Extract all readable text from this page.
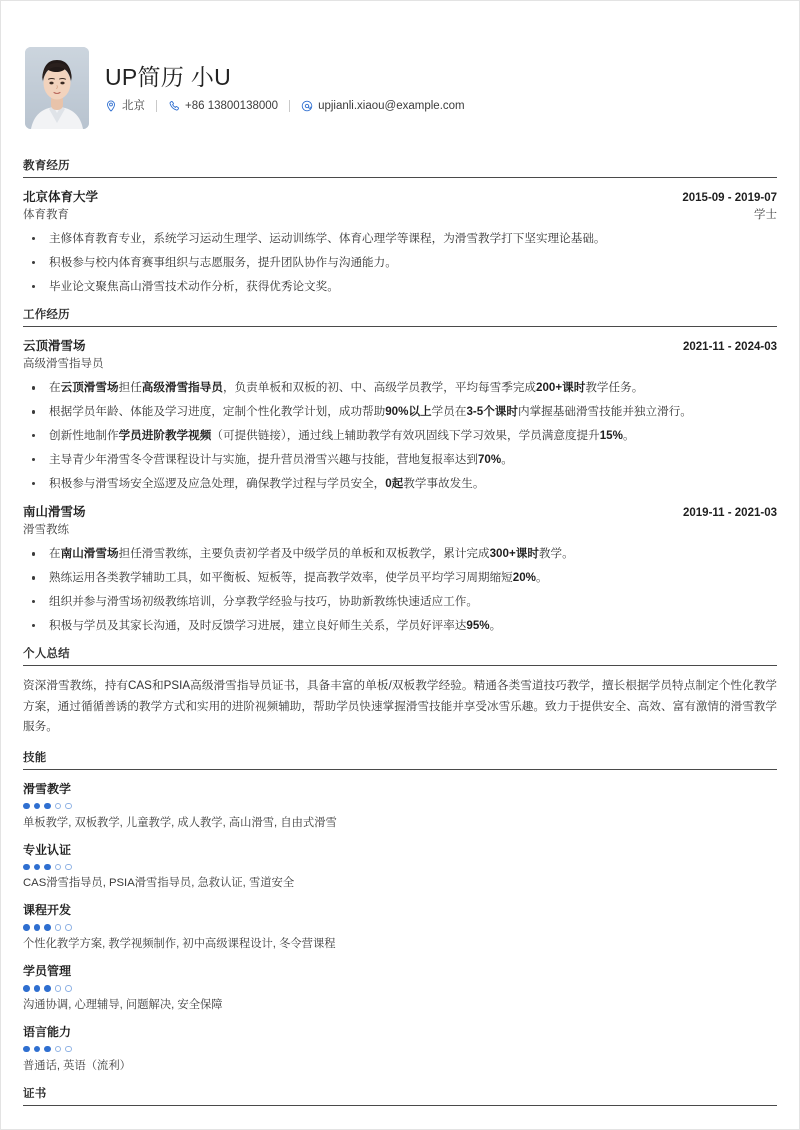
UP简历 小U
北京	+86 13800138000	upjianli.xiaou@example.com
教育经历
北京体育大学	2015-09 - 2019-07
体育教育	学士
主修体育教育专业，系统学习运动生理学、运动训练学、体育心理学等课程，为滑雪教学打下坚实理论基础。
积极参与校内体育赛事组织与志愿服务，提升团队协作与沟通能力。
毕业论文聚焦高山滑雪技术动作分析，获得优秀论文奖。
工作经历
云顶滑雪场	2021-11 - 2024-03
高级滑雪指导员
在云顶滑雪场担任高级滑雪指导员，负责单板和双板的初、中、高级学员教学，平均每雪季完成200+课时教学任务。
根据学员年龄、体能及学习进度，定制个性化教学计划，成功帮助90%以上学员在3-5个课时内掌握基础滑雪技能并独立滑行。
创新性地制作学员进阶教学视频（可提供链接），通过线上辅助教学有效巩固线下学习效果，学员满意度提升15%。
主导青少年滑雪冬令营课程设计与实施，提升营员滑雪兴趣与技能，营地复报率达到70%。
积极参与滑雪场安全巡逻及应急处理，确保教学过程与学员安全，0起教学事故发生。
南山滑雪场	2019-11 - 2021-03
滑雪教练
在南山滑雪场担任滑雪教练，主要负责初学者及中级学员的单板和双板教学，累计完成300+课时教学。
熟练运用各类教学辅助工具，如平衡板、短板等，提高教学效率，使学员平均学习周期缩短20%。
组织并参与滑雪场初级教练培训，分享教学经验与技巧，协助新教练快速适应工作。
积极与学员及其家长沟通，及时反馈学习进展，建立良好师生关系，学员好评率达95%。
个人总结

资深滑雪教练，持有CAS和PSIA高级滑雪指导员证书，具备丰富的单板/双板教学经验。精通各类雪道技巧教学，擅长根据学员特点制定个性化教学方案，通过循循善诱的教学方式和实用的进阶视频辅助，帮助学员快速掌握滑雪技能并享受冰雪乐趣。致力于提供安全、高效、富有激情的滑雪教学服务。

技能
滑雪教学
单板教学, 双板教学, 儿童教学, 成人教学, 高山滑雪, 自由式滑雪
专业认证
CAS滑雪指导员, PSIA滑雪指导员, 急救认证, 雪道安全
课程开发
个性化教学方案, 教学视频制作, 初中高级课程设计, 冬令营课程
学员管理
沟通协调, 心理辅导, 问题解决, 安全保障
语言能力
普通话, 英语（流利）
证书
